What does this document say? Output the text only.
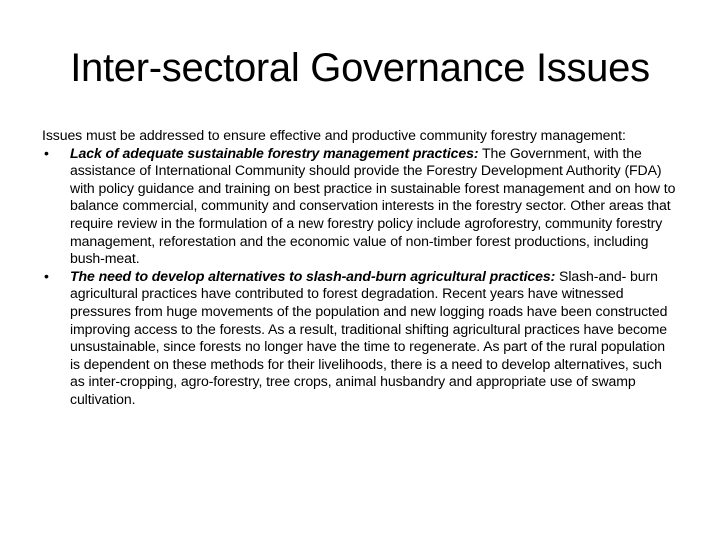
Inter-sectoral Governance Issues

Issues must be addressed to ensure effective and productive community forestry management:

•	Lack of adequate sustainable forestry management practices: The Government, with the assistance of International Community should provide the Forestry Development Authority (FDA) with policy guidance and training on best practice in sustainable forest management and on how to balance commercial, community and conservation interests in the forestry sector. Other areas that require review in the formulation of a new forestry policy include agroforestry, community forestry management, reforestation and the economic value of non-timber forest productions, including bush-meat.
•	The need to develop alternatives to slash-and-burn agricultural practices: Slash-and- burn agricultural practices have contributed to forest degradation. Recent years have witnessed pressures from huge movements of the population and new logging roads have been constructed improving access to the forests. As a result, traditional shifting agricultural practices have become unsustainable, since forests no longer have the time to regenerate. As part of the rural population is dependent on these methods for their livelihoods, there is a need to develop alternatives, such as inter-cropping, agro-forestry, tree crops, animal husbandry and appropriate use of swamp cultivation.
